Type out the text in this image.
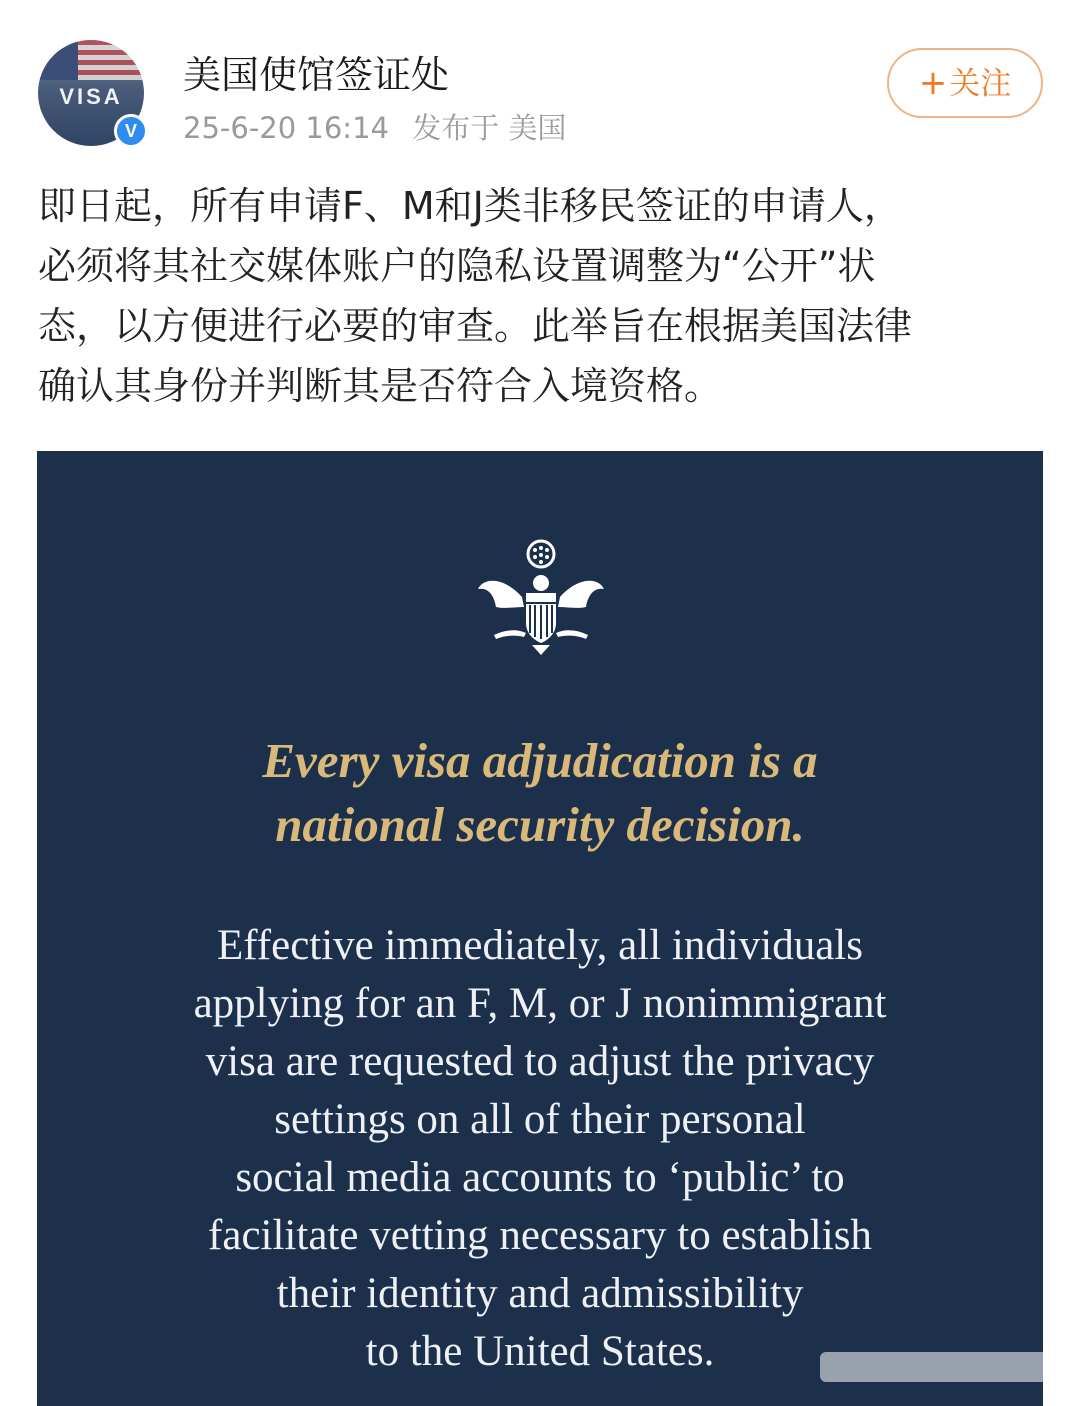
VISA
V
美国使馆签证处
25-6-20 16:14 发布于 美国
+关注
即日起，所有申请F、M和J类非移民签证的申请人，
必须将其社交媒体账户的隐私设置调整为“公开”状
态，以方便进行必要的审查。此举旨在根据美国法律
确认其身份并判断其是否符合入境资格。
Every visa adjudication is a
national security decision.
Effective immediately, all individuals
applying for an F, M, or J nonimmigrant
visa are requested to adjust the privacy
settings on all of their personal
social media accounts to ‘public’ to
facilitate vetting necessary to establish
their identity and admissibility
to the United States.
